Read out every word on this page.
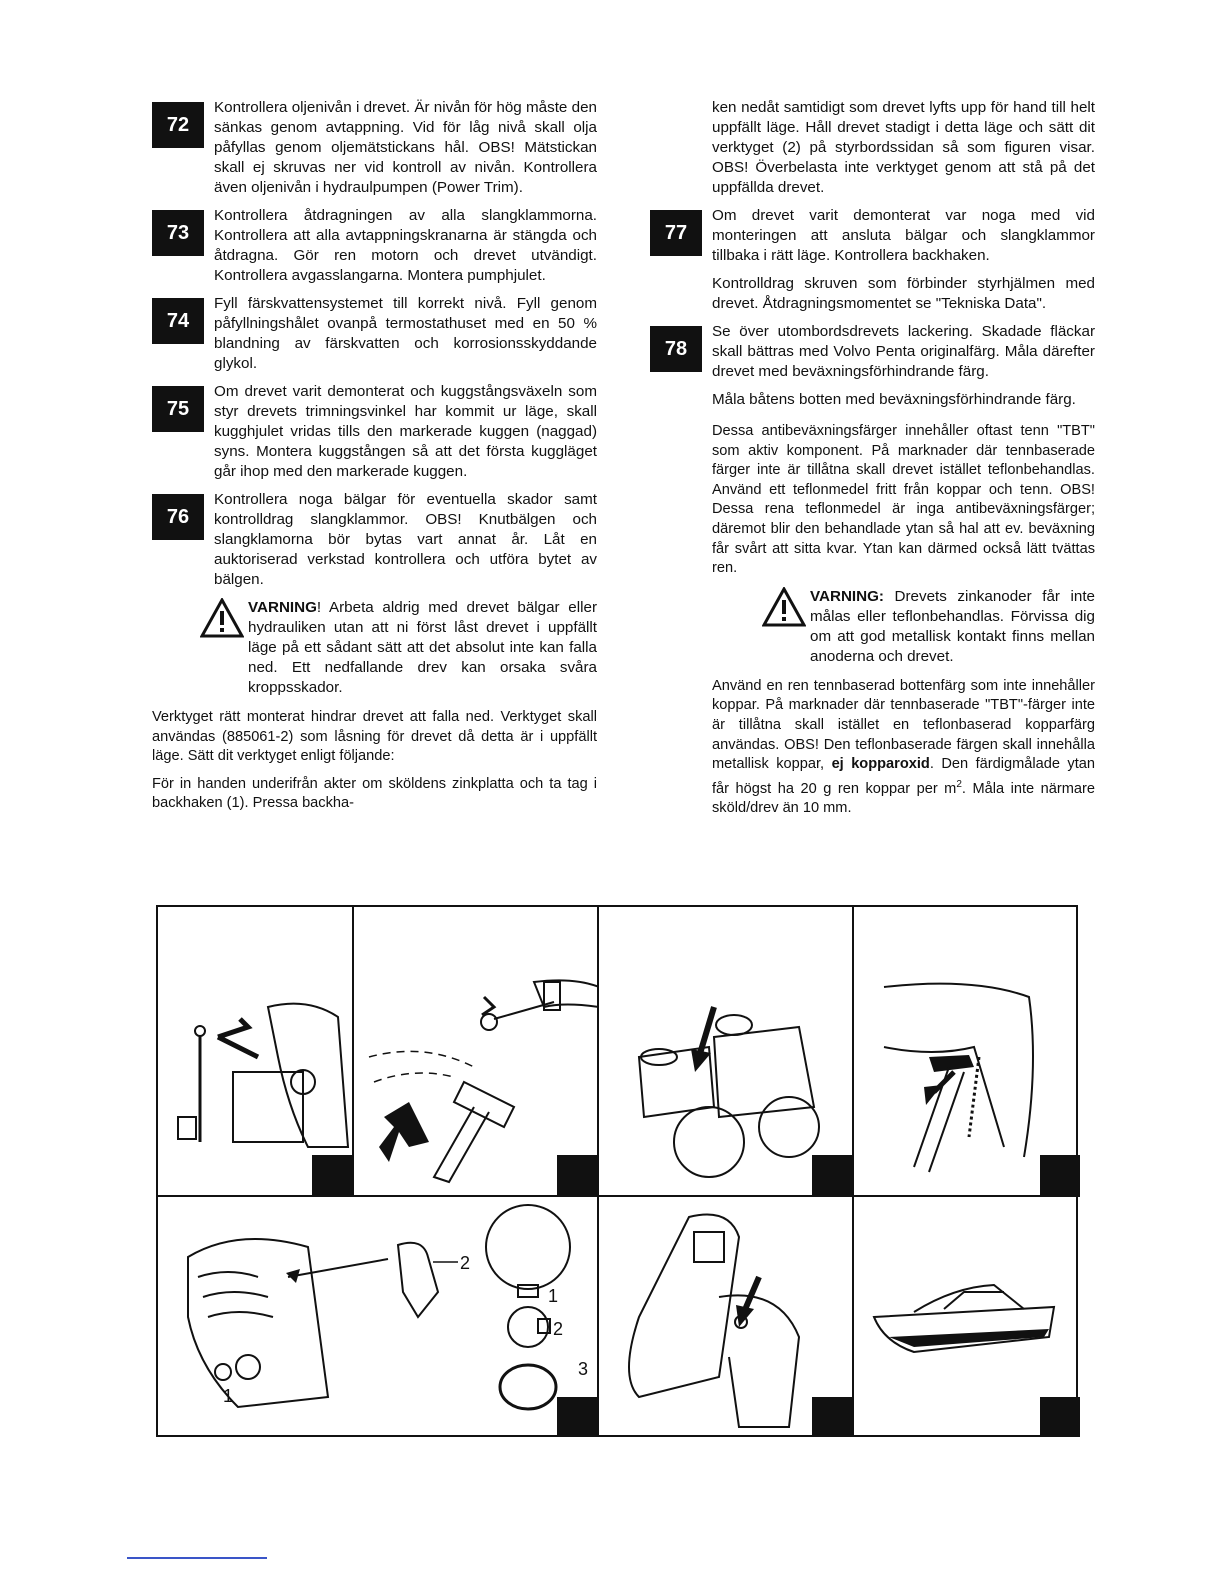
72
Kontrollera oljenivån i drevet. Är nivån för hög måste den sänkas genom avtappning. Vid för låg nivå skall olja påfyllas genom oljemätstickans hål. OBS! Mätstickan skall ej skruvas ner vid kontroll av nivån. Kontrollera även oljenivån i hydraulpumpen (Power Trim).
73
Kontrollera åtdragningen av alla slangklammorna. Kontrollera att alla avtappningskranarna är stängda och åtdragna. Gör ren motorn och drevet utvändigt. Kontrollera avgasslangarna. Montera pumphjulet.
74
Fyll färskvattensystemet till korrekt nivå. Fyll genom påfyllningshålet ovanpå termostathuset med en 50 % blandning av färskvatten och korrosionsskyddande glykol.
75
Om drevet varit demonterat och kuggstångsväxeln som styr drevets trimningsvinkel har kommit ur läge, skall kugghjulet vridas tills den markerade kuggen (naggad) syns. Montera kuggstången så att det första kuggläget går ihop med den markerade kuggen.
76
Kontrollera noga bälgar för eventuella skador samt kontrolldrag slangklammor. OBS! Knutbälgen och slangklamorna bör bytas vart annat år. Låt en auktoriserad verkstad kontrollera och utföra bytet av bälgen.
VARNING! Arbeta aldrig med drevet bälgar eller hydrauliken utan att ni först låst drevet i uppfällt läge på ett sådant sätt att det absolut inte kan falla ned. Ett nedfallande drev kan orsaka svåra kroppsskador.
Verktyget rätt monterat hindrar drevet att falla ned. Verktyget skall användas (885061-2) som låsning för drevet då detta är i uppfällt läge. Sätt dit verktyget enligt följande:
För in handen underifrån akter om sköldens zinkplatta och ta tag i backhaken (1). Pressa backha-
ken nedåt samtidigt som drevet lyfts upp för hand till helt uppfällt läge. Håll drevet stadigt i detta läge och sätt dit verktyget (2) på styrbordssidan så som figuren visar. OBS! Överbelasta inte verktyget genom att stå på det uppfällda drevet.
77
Om drevet varit demonterat var noga med vid monteringen att ansluta bälgar och slangklammor tillbaka i rätt läge. Kontrollera backhaken.
Kontrolldrag skruven som förbinder styrhjälmen med drevet. Åtdragningsmomentet se "Tekniska Data".
78
Se över utombordsdrevets lackering. Skadade fläckar skall bättras med Volvo Penta originalfärg. Måla därefter drevet med beväxningsförhindrande färg.
Måla båtens botten med beväxningsförhindrande färg.
Dessa antibeväxningsfärger innehåller oftast tenn "TBT" som aktiv komponent. På marknader där tennbaserade färger inte är tillåtna skall drevet istället teflonbehandlas. Använd ett teflonmedel fritt från koppar och tenn. OBS! Dessa rena teflonmedel är inga antibeväxningsfärger; däremot blir den behandlade ytan så hal att ev. beväxning får svårt att sitta kvar. Ytan kan därmed också lätt tvättas ren.
VARNING: Drevets zinkanoder får inte målas eller teflonbehandlas. Förvissa dig om att god metallisk kontakt finns mellan anoderna och drevet.
Använd en ren tennbaserad bottenfärg som inte innehåller koppar. På marknader där tennbaserade "TBT"-färger inte är tillåtna skall istället en teflonbaserad kopparfärg användas. OBS! Den teflonbaserade färgen skall innehålla metallisk koppar, ej kopparoxid. Den färdigmålade ytan får högst ha 20 g ren koppar per $m^2$. Måla inte närmare sköld/drev än 10 mm.
2
1
2
3
1
